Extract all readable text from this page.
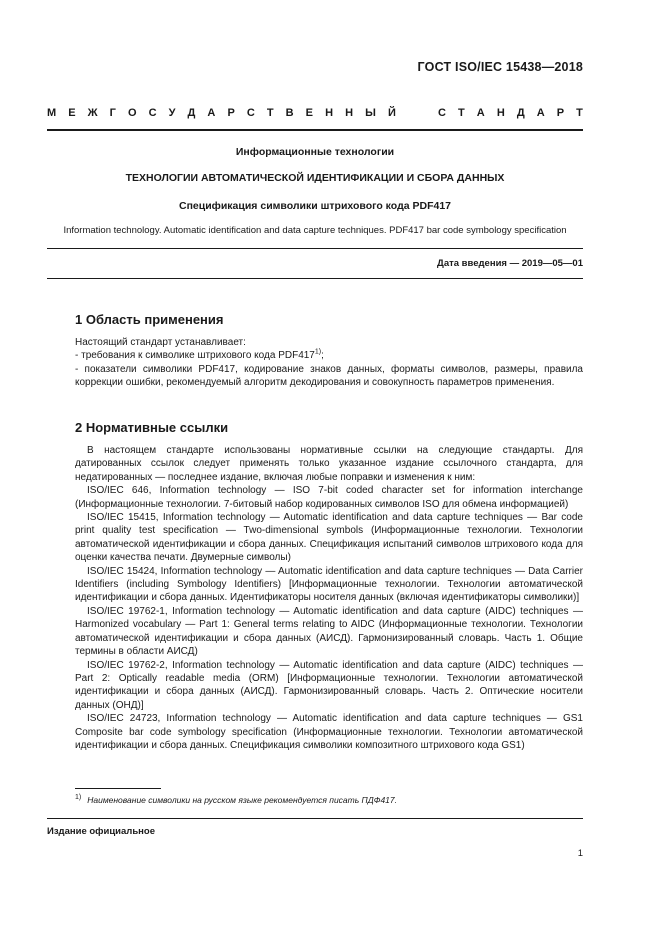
ГОСТ ISO/IEC 15438—2018
М Е Ж Г О С У Д А Р С Т В Е Н Н Ы Й	С Т А Н Д А Р Т
Информационные технологии
ТЕХНОЛОГИИ АВТОМАТИЧЕСКОЙ ИДЕНТИФИКАЦИИ И СБОРА ДАННЫХ
Спецификация символики штрихового кода PDF417
Information technology. Automatic identification and data capture techniques. PDF417 bar code symbology specification
Дата введения — 2019—05—01
1 Область применения

Настоящий стандарт устанавливает:

- требования к символике штрихового кода PDF417$^{1)}$;

- показатели символики PDF417, кодирование знаков данных, форматы символов, размеры, правила коррекции ошибки, рекомендуемый алгоритм декодирования и совокупность параметров применения.

2 Нормативные ссылки

В настоящем стандарте использованы нормативные ссылки на следующие стандарты. Для датированных ссылок следует применять только указанное издание ссылочного стандарта, для недатированных — последнее издание, включая любые поправки и изменения к ним:

ISO/IEC 646, Information technology — ISO 7-bit coded character set for information interchange (Информационные технологии. 7-битовый набор кодированных символов ISO для обмена информацией)

ISO/IEC 15415, Information technology — Automatic identification and data capture techniques — Bar code print quality test specification — Two-dimensional symbols (Информационные технологии. Технологии автоматической идентификации и сбора данных. Спецификация испытаний символов штрихового кода для оценки качества печати. Двумерные символы)

ISO/IEC 15424, Information technology — Automatic identification and data capture techniques — Data Carrier Identifiers (including Symbology Identifiers) [Информационные технологии. Технологии автоматической идентификации и сбора данных. Идентификаторы носителя данных (включая идентификаторы символики)]

ISO/IEC 19762-1, Information technology — Automatic identification and data capture (AIDC) techniques — Harmonized vocabulary — Part 1: General terms relating to AIDC (Информационные технологии. Технологии автоматической идентификации и сбора данных (АИСД). Гармонизированный словарь. Часть 1. Общие термины в области АИСД)

ISO/IEC 19762-2, Information technology — Automatic identification and data capture (AIDC) techniques — Part 2: Optically readable media (ORM) [Информационные технологии. Технологии автоматической идентификации и сбора данных (АИСД). Гармонизированный словарь. Часть 2. Оптические носители данных (ОНД)]

ISO/IEC 24723, Information technology — Automatic identification and data capture techniques — GS1 Composite bar code symbology specification (Информационные технологии. Технологии автоматической идентификации и сбора данных. Спецификация символики композитного штрихового кода GS1)

$^{1)}$ Наименование символики на русском языке рекомендуется писать ПДФ417.
Издание официальное
1
